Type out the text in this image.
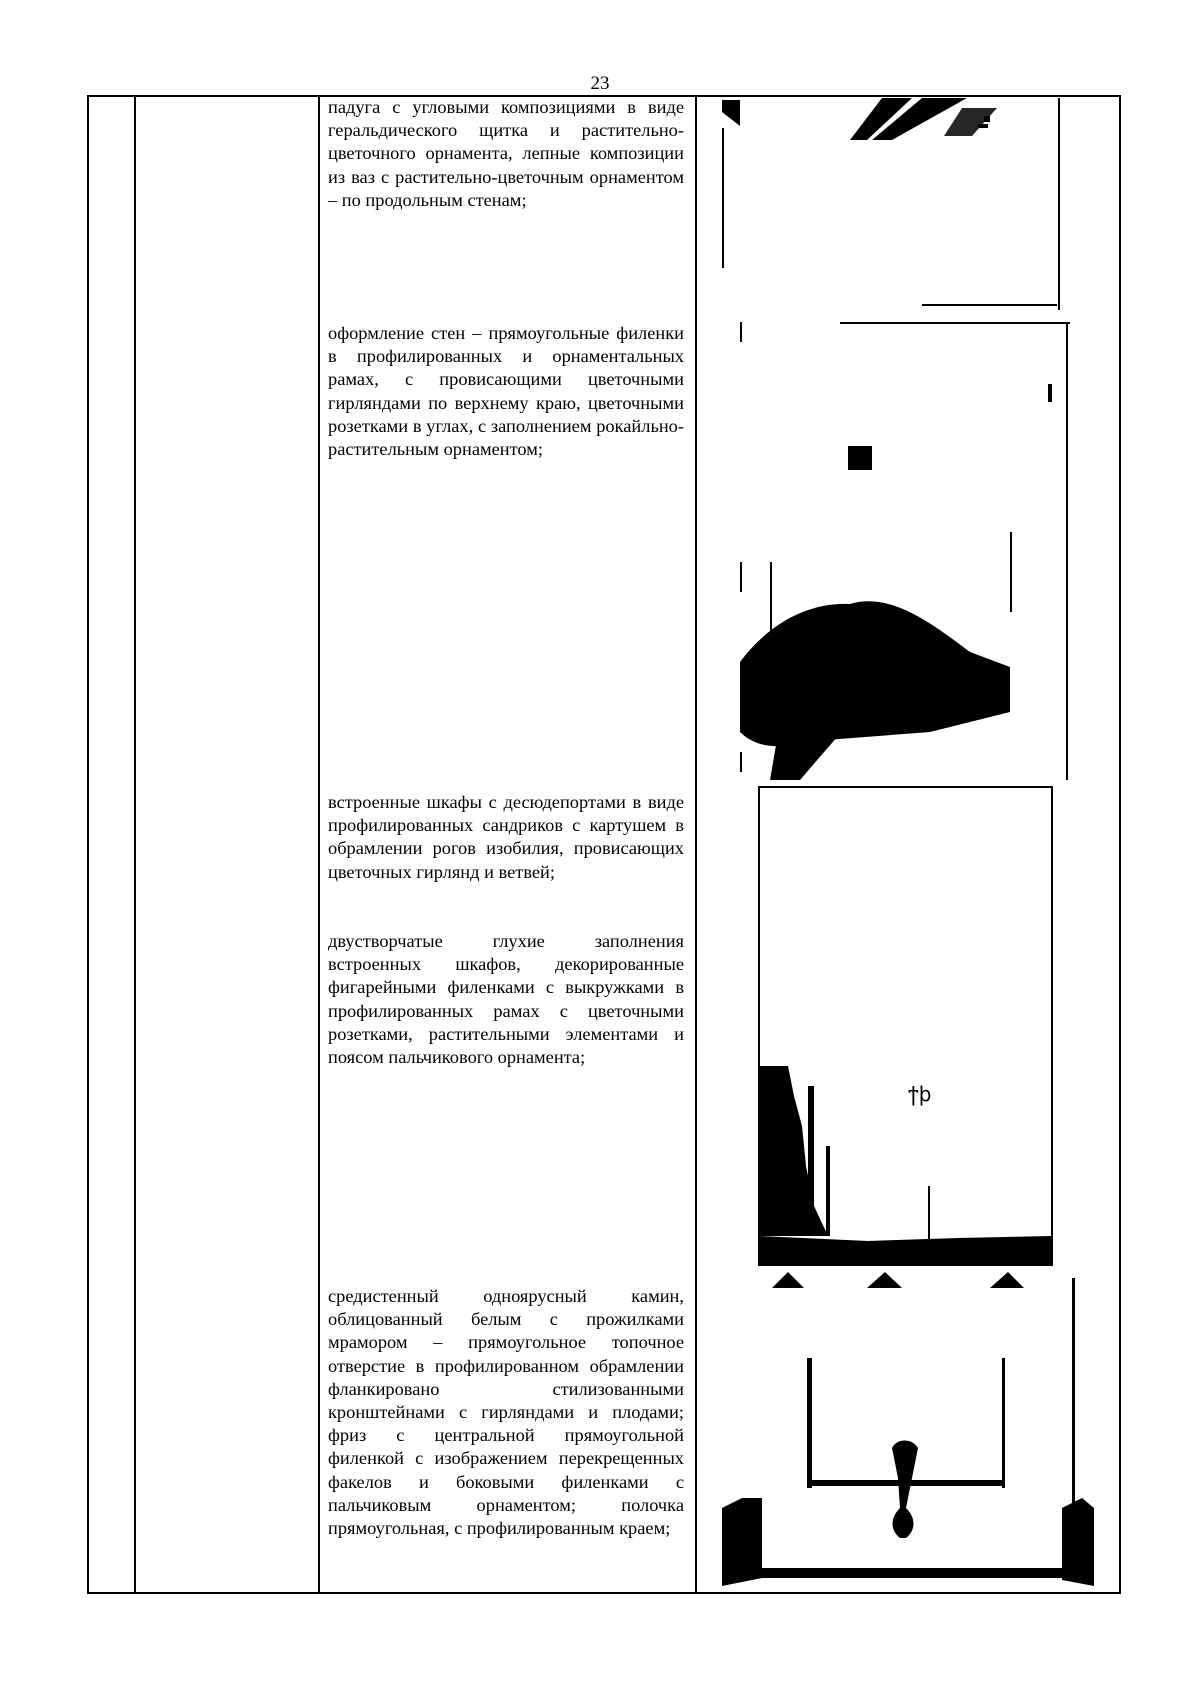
23
падуга с угловыми композициями в виде геральдического щитка и растительно-цветочного орнамента, лепные композиции из ваз с растительно-цветочным орнаментом – по продольным стенам;
оформление стен – прямоугольные филенки в профилированных и орнаментальных рамах, с провисающими цветочными гирляндами по верхнему краю, цветочными розетками в углах, с заполнением рокайльно-растительным орнаментом;
встроенные шкафы с десюдепортами в виде профилированных сандриков с картушем в обрамлении рогов изобилия, провисающих цветочных гирлянд и ветвей;
двустворчатые глухие заполнения встроенных шкафов, декорированные фигарейными филенками с выкружками в профилированных рамах с цветочными розетками, растительными элементами и поясом пальчикового орнамента;
средистенный одноярусный камин, облицованный белым с прожилками мрамором – прямоугольное топочное отверстие в профилированном обрамлении фланкировано стилизованными кронштейнами с гирляндами и плодами; фриз с центральной прямоугольной филенкой с изображением перекрещенных факелов и боковыми филенками с пальчиковым орнаментом; полочка прямоугольная, с профилированным краем;
ϯϸ
